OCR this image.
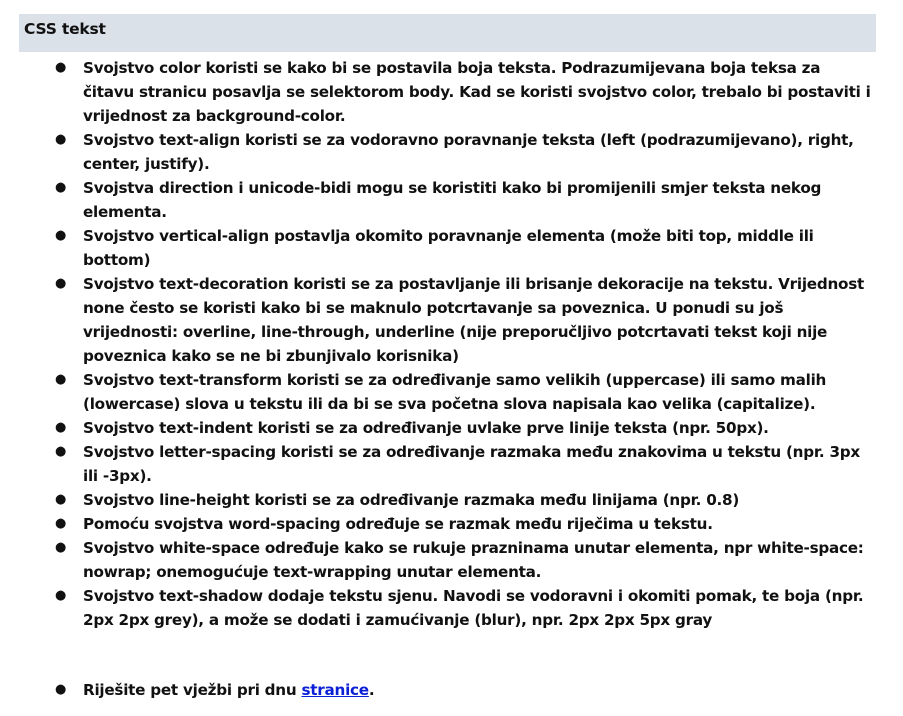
CSS tekst
● Svojstvo color koristi se kako bi se postavila boja teksta. Podrazumijevana boja teksa za čitavu stranicu posavlja se selektorom body. Kad se koristi svojstvo color, trebalo bi postaviti i vrijednost za background-color.
● Svojstvo text-align koristi se za vodoravno poravnanje teksta (left (podrazumijevano), right, center, justify).
● Svojstva direction i unicode-bidi mogu se koristiti kako bi promijenili smjer teksta nekog elementa.
● Svojstvo vertical-align postavlja okomito poravnanje elementa (može biti top, middle ili bottom)
● Svojstvo text-decoration koristi se za postavljanje ili brisanje dekoracije na tekstu. Vrijednost none često se koristi kako bi se maknulo potcrtavanje sa poveznica. U ponudi su još vrijednosti: overline, line-through, underline (nije preporučljivo potcrtavati tekst koji nije poveznica kako se ne bi zbunjivalo korisnika)
● Svojstvo text-transform koristi se za određivanje samo velikih (uppercase) ili samo malih (lowercase) slova u tekstu ili da bi se sva početna slova napisala kao velika (capitalize).
● Svojstvo text-indent koristi se za određivanje uvlake prve linije teksta (npr. 50px).
● Svojstvo letter-spacing koristi se za određivanje razmaka među znakovima u tekstu (npr. 3px ili -3px).
● Svojstvo line-height koristi se za određivanje razmaka među linijama (npr. 0.8)
● Pomoću svojstva word-spacing određuje se razmak među riječima u tekstu.
● Svojstvo white-space određuje kako se rukuje prazninama unutar elementa, npr white-space: nowrap; onemogućuje text-wrapping unutar elementa.
● Svojstvo text-shadow dodaje tekstu sjenu. Navodi se vodoravni i okomiti pomak, te boja (npr. 2px 2px grey), a može se dodati i zamućivanje (blur), npr. 2px 2px 5px gray
● Riješite pet vježbi pri dnu stranice.
